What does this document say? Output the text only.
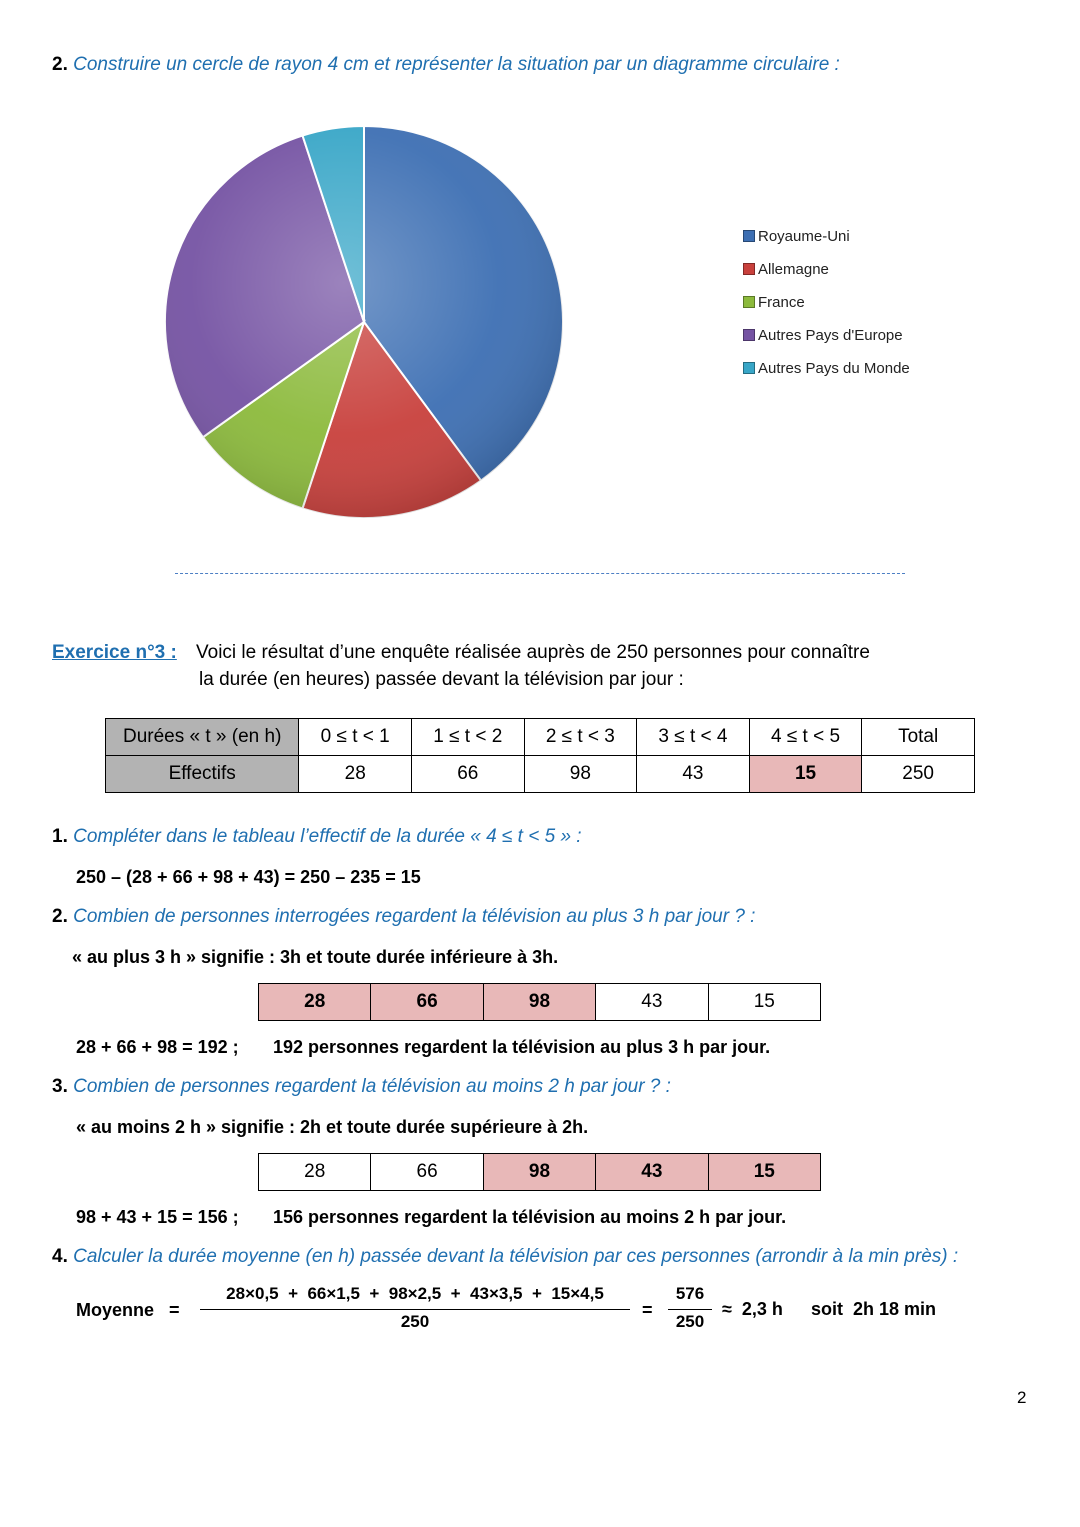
2. Construire un cercle de rayon 4 cm et représenter la situation par un diagramme circulaire :
Royaume-Uni
Allemagne
France
Autres Pays d'Europe
Autres Pays du Monde
Exercice n°3 : Voici le résultat d’une enquête réalisée auprès de 250 personnes pour connaître
la durée (en heures) passée devant la télévision par jour :
Durées « t » (en h)	0 ≤ t < 1	1 ≤ t < 2	2 ≤ t < 3	3 ≤ t < 4	4 ≤ t < 5	Total
Effectifs	28	66	98	43	15	250
1. Compléter dans le tableau l’effectif de la durée « 4 ≤ t < 5 » :
250 – (28 + 66 + 98 + 43) = 250 – 235 = 15
2. Combien de personnes interrogées regardent la télévision au plus 3 h par jour ? :
« au plus 3 h » signifie : 3h et toute durée inférieure à 3h.
28	66	98	43	15
28 + 66 + 98 = 192 ; 192 personnes regardent la télévision au plus 3 h par jour.
3. Combien de personnes regardent la télévision au moins 2 h par jour ? :
« au moins 2 h » signifie : 2h et toute durée supérieure à 2h.
28	66	98	43	15
98 + 43 + 15 = 156 ; 156 personnes regardent la télévision au moins 2 h par jour.
4. Calculer la durée moyenne (en h) passée devant la télévision par ces personnes (arrondir à la min près) :
Moyenne   =
28×0,5  +  66×1,5  +  98×2,5  +  43×3,5  +  15×4,5
250
=
576
250
≈  2,3 h soit  2h 18 min
2
